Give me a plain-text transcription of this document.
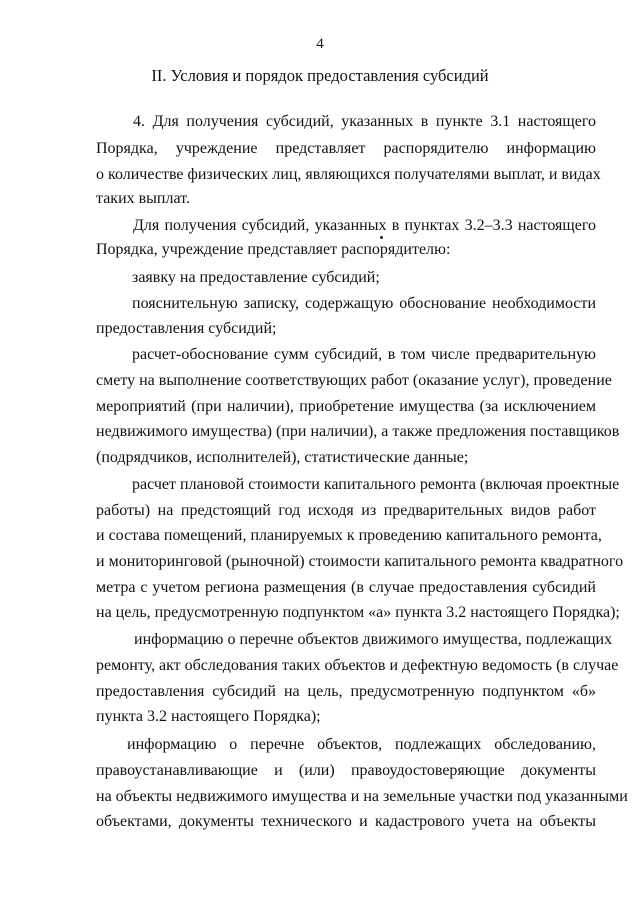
4
II. Условия и порядок предоставления субсидий
4. Для получения субсидий, указанных в пункте 3.1 настоящего
Порядка, учреждение представляет распорядителю информацию
о количестве физических лиц, являющихся получателями выплат, и видах
таких выплат.
Для получения субсидий, указанных в пунктах 3.2–3.3 настоящего
Порядка, учреждение представляет распорядителю:
заявку на предоставление субсидий;
пояснительную записку, содержащую обоснование необходимости
предоставления субсидий;
расчет-обоснование сумм субсидий, в том числе предварительную
смету на выполнение соответствующих работ (оказание услуг), проведение
мероприятий (при наличии), приобретение имущества (за исключением
недвижимого имущества) (при наличии), а также предложения поставщиков
(подрядчиков, исполнителей), статистические данные;
расчет плановой стоимости капитального ремонта (включая проектные
работы) на предстоящий год исходя из предварительных видов работ
и состава помещений, планируемых к проведению капитального ремонта,
и мониторинговой (рыночной) стоимости капитального ремонта квадратного
метра с учетом региона размещения (в случае предоставления субсидий
на цель, предусмотренную подпунктом «а» пункта 3.2 настоящего Порядка);
информацию о перечне объектов движимого имущества, подлежащих
ремонту, акт обследования таких объектов и дефектную ведомость (в случае
предоставления субсидий на цель, предусмотренную подпунктом «б»
пункта 3.2 настоящего Порядка);
информацию о перечне объектов, подлежащих обследованию,
правоустанавливающие и (или) правоудостоверяющие документы
на объекты недвижимого имущества и на земельные участки под указанными
объектами, документы технического и кадастрового учета на объекты
